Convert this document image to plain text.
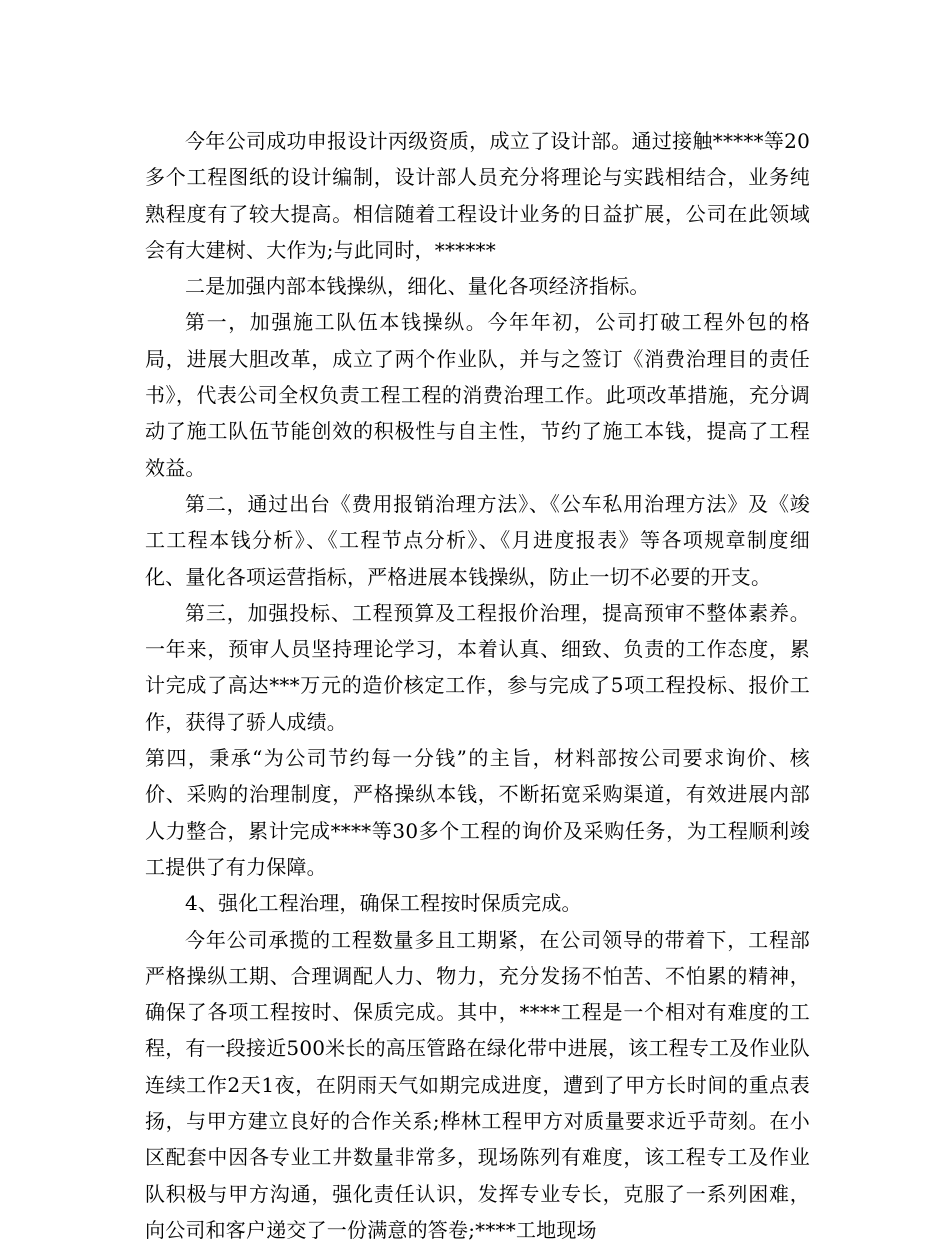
今年公司成功申报设计丙级资质，成立了设计部。通过接触*****等20多个工程图纸的设计编制，设计部人员充分将理论与实践相结合，业务纯熟程度有了较大提高。相信随着工程设计业务的日益扩展，公司在此领域会有大建树、大作为;与此同时，******

二是加强内部本钱操纵，细化、量化各项经济指标。

第一，加强施工队伍本钱操纵。今年年初，公司打破工程外包的格局，进展大胆改革，成立了两个作业队，并与之签订《消费治理目的责任书》，代表公司全权负责工程工程的消费治理工作。此项改革措施，充分调动了施工队伍节能创效的积极性与自主性，节约了施工本钱，提高了工程效益。

第二，通过出台《费用报销治理方法》、《公车私用治理方法》及《竣工工程本钱分析》、《工程节点分析》、《月进度报表》等各项规章制度细化、量化各项运营指标，严格进展本钱操纵，防止一切不必要的开支。

第三，加强投标、工程预算及工程报价治理，提高预审不整体素养。一年来，预审人员坚持理论学习，本着认真、细致、负责的工作态度，累计完成了高达***万元的造价核定工作，参与完成了5项工程投标、报价工作，获得了骄人成绩。

第四，秉承“为公司节约每一分钱”的主旨，材料部按公司要求询价、核价、采购的治理制度，严格操纵本钱，不断拓宽采购渠道，有效进展内部人力整合，累计完成****等30多个工程的询价及采购任务，为工程顺利竣工提供了有力保障。

4、强化工程治理，确保工程按时保质完成。

今年公司承揽的工程数量多且工期紧，在公司领导的带着下，工程部严格操纵工期、合理调配人力、物力，充分发扬不怕苦、不怕累的精神，确保了各项工程按时、保质完成。其中，****工程是一个相对有难度的工程，有一段接近500米长的高压管路在绿化带中进展，该工程专工及作业队连续工作2天1夜，在阴雨天气如期完成进度，遭到了甲方长时间的重点表扬，与甲方建立良好的合作关系;桦林工程甲方对质量要求近乎苛刻。在小区配套中因各专业工井数量非常多，现场陈列有难度，该工程专工及作业队积极与甲方沟通，强化责任认识，发挥专业专长，克服了一系列困难，向公司和客户递交了一份满意的答卷;****工地现场
